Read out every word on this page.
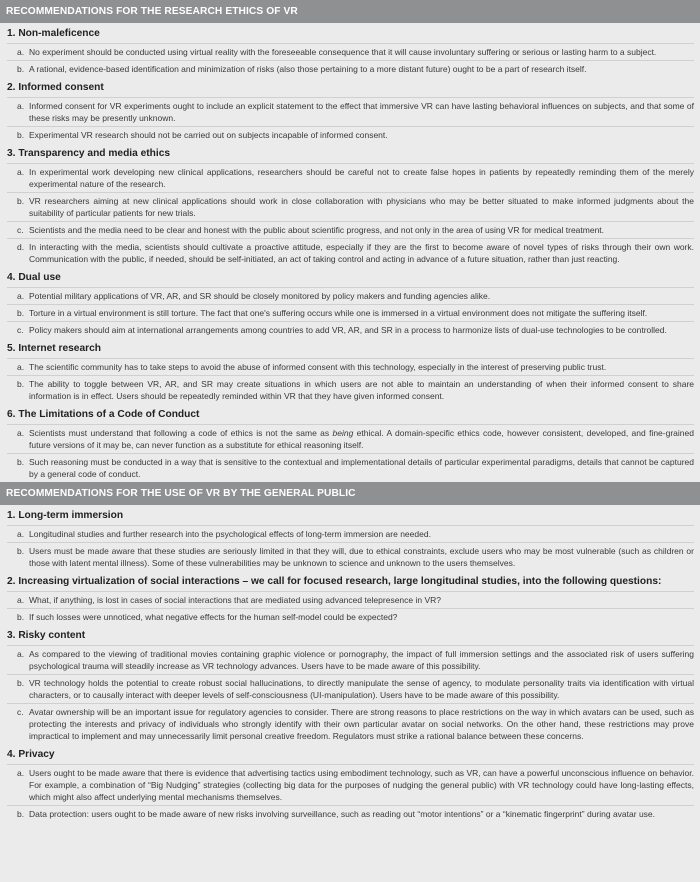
RECOMMENDATIONS FOR THE RESEARCH ETHICS OF VR
1. Non-maleficence
a. No experiment should be conducted using virtual reality with the foreseeable consequence that it will cause involuntary suffering or serious or lasting harm to a subject.
b. A rational, evidence-based identification and minimization of risks (also those pertaining to a more distant future) ought to be a part of research itself.
2. Informed consent
a. Informed consent for VR experiments ought to include an explicit statement to the effect that immersive VR can have lasting behavioral influences on subjects, and that some of these risks may be presently unknown.
b. Experimental VR research should not be carried out on subjects incapable of informed consent.
3. Transparency and media ethics
a. In experimental work developing new clinical applications, researchers should be careful not to create false hopes in patients by repeatedly reminding them of the merely experimental nature of the research.
b. VR researchers aiming at new clinical applications should work in close collaboration with physicians who may be better situated to make informed judgments about the suitability of particular patients for new trials.
c. Scientists and the media need to be clear and honest with the public about scientific progress, and not only in the area of using VR for medical treatment.
d. In interacting with the media, scientists should cultivate a proactive attitude, especially if they are the first to become aware of novel types of risks through their own work. Communication with the public, if needed, should be self-initiated, an act of taking control and acting in advance of a future situation, rather than just reacting.
4. Dual use
a. Potential military applications of VR, AR, and SR should be closely monitored by policy makers and funding agencies alike.
b. Torture in a virtual environment is still torture. The fact that one's suffering occurs while one is immersed in a virtual environment does not mitigate the suffering itself.
c. Policy makers should aim at international arrangements among countries to add VR, AR, and SR in a process to harmonize lists of dual-use technologies to be controlled.
5. Internet research
a. The scientific community has to take steps to avoid the abuse of informed consent with this technology, especially in the interest of preserving public trust.
b. The ability to toggle between VR, AR, and SR may create situations in which users are not able to maintain an understanding of when their informed consent to share information is in effect. Users should be repeatedly reminded within VR that they have given informed consent.
6. The Limitations of a Code of Conduct
a. Scientists must understand that following a code of ethics is not the same as being ethical. A domain-specific ethics code, however consistent, developed, and fine-grained future versions of it may be, can never function as a substitute for ethical reasoning itself.
b. Such reasoning must be conducted in a way that is sensitive to the contextual and implementational details of particular experimental paradigms, details that cannot be captured by a general code of conduct.
RECOMMENDATIONS FOR THE USE OF VR BY THE GENERAL PUBLIC
1. Long-term immersion
a. Longitudinal studies and further research into the psychological effects of long-term immersion are needed.
b. Users must be made aware that these studies are seriously limited in that they will, due to ethical constraints, exclude users who may be most vulnerable (such as children or those with latent mental illness). Some of these vulnerabilities may be unknown to science and unknown to the users themselves.
2. Increasing virtualization of social interactions – we call for focused research, large longitudinal studies, into the following questions:
a. What, if anything, is lost in cases of social interactions that are mediated using advanced telepresence in VR?
b. If such losses were unnoticed, what negative effects for the human self-model could be expected?
3. Risky content
a. As compared to the viewing of traditional movies containing graphic violence or pornography, the impact of full immersion settings and the associated risk of users suffering psychological trauma will steadily increase as VR technology advances. Users have to be made aware of this possibility.
b. VR technology holds the potential to create robust social hallucinations, to directly manipulate the sense of agency, to modulate personality traits via identification with virtual characters, or to causally interact with deeper levels of self-consciousness (UI-manipulation). Users have to be made aware of this possibility.
c. Avatar ownership will be an important issue for regulatory agencies to consider. There are strong reasons to place restrictions on the way in which avatars can be used, such as protecting the interests and privacy of individuals who strongly identify with their own particular avatar on social networks. On the other hand, these restrictions may prove impractical to implement and may unnecessarily limit personal creative freedom. Regulators must strike a rational balance between these concerns.
4. Privacy
a. Users ought to be made aware that there is evidence that advertising tactics using embodiment technology, such as VR, can have a powerful unconscious influence on behavior. For example, a combination of “Big Nudging” strategies (collecting big data for the purposes of nudging the general public) with VR technology could have long-lasting effects, which might also affect underlying mental mechanisms themselves.
b. Data protection: users ought to be made aware of new risks involving surveillance, such as reading out “motor intentions” or a “kinematic fingerprint” during avatar use.
